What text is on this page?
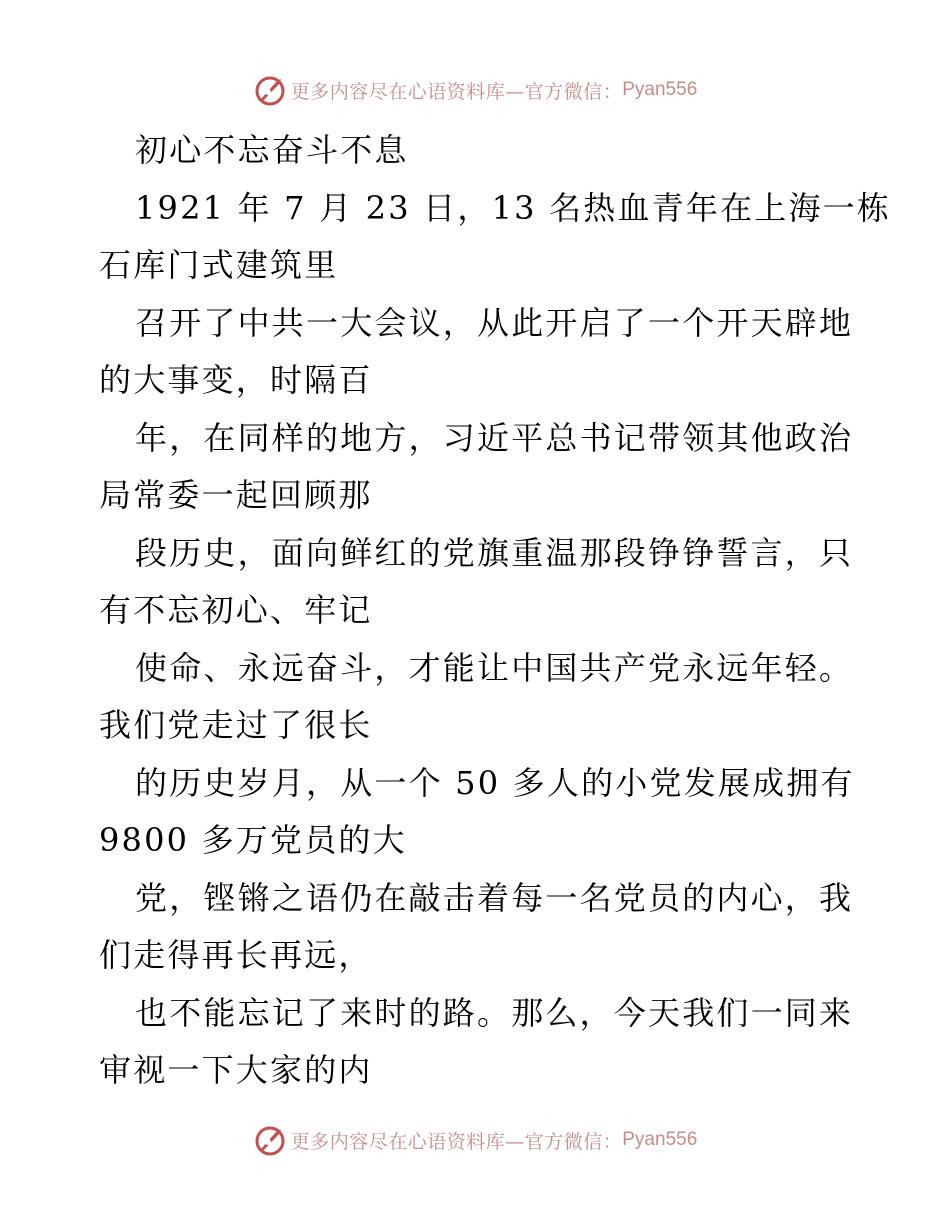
更多内容尽在心语资料库—官方微信： Pyan556
初心不忘奋斗不息
1921 年 7 月 23 日，13 名热血青年在上海一栋
石库门式建筑里
召开了中共一大会议，从此开启了一个开天辟地
的大事变，时隔百
年，在同样的地方，习近平总书记带领其他政治
局常委一起回顾那
段历史，面向鲜红的党旗重温那段铮铮誓言，只
有不忘初心、牢记
使命、永远奋斗，才能让中国共产党永远年轻。
我们党走过了很长
的历史岁月，从一个 50 多人的小党发展成拥有
9800 多万党员的大
党，铿锵之语仍在敲击着每一名党员的内心，我
们走得再长再远，
也不能忘记了来时的路。那么，今天我们一同来
审视一下大家的内
更多内容尽在心语资料库—官方微信： Pyan556
